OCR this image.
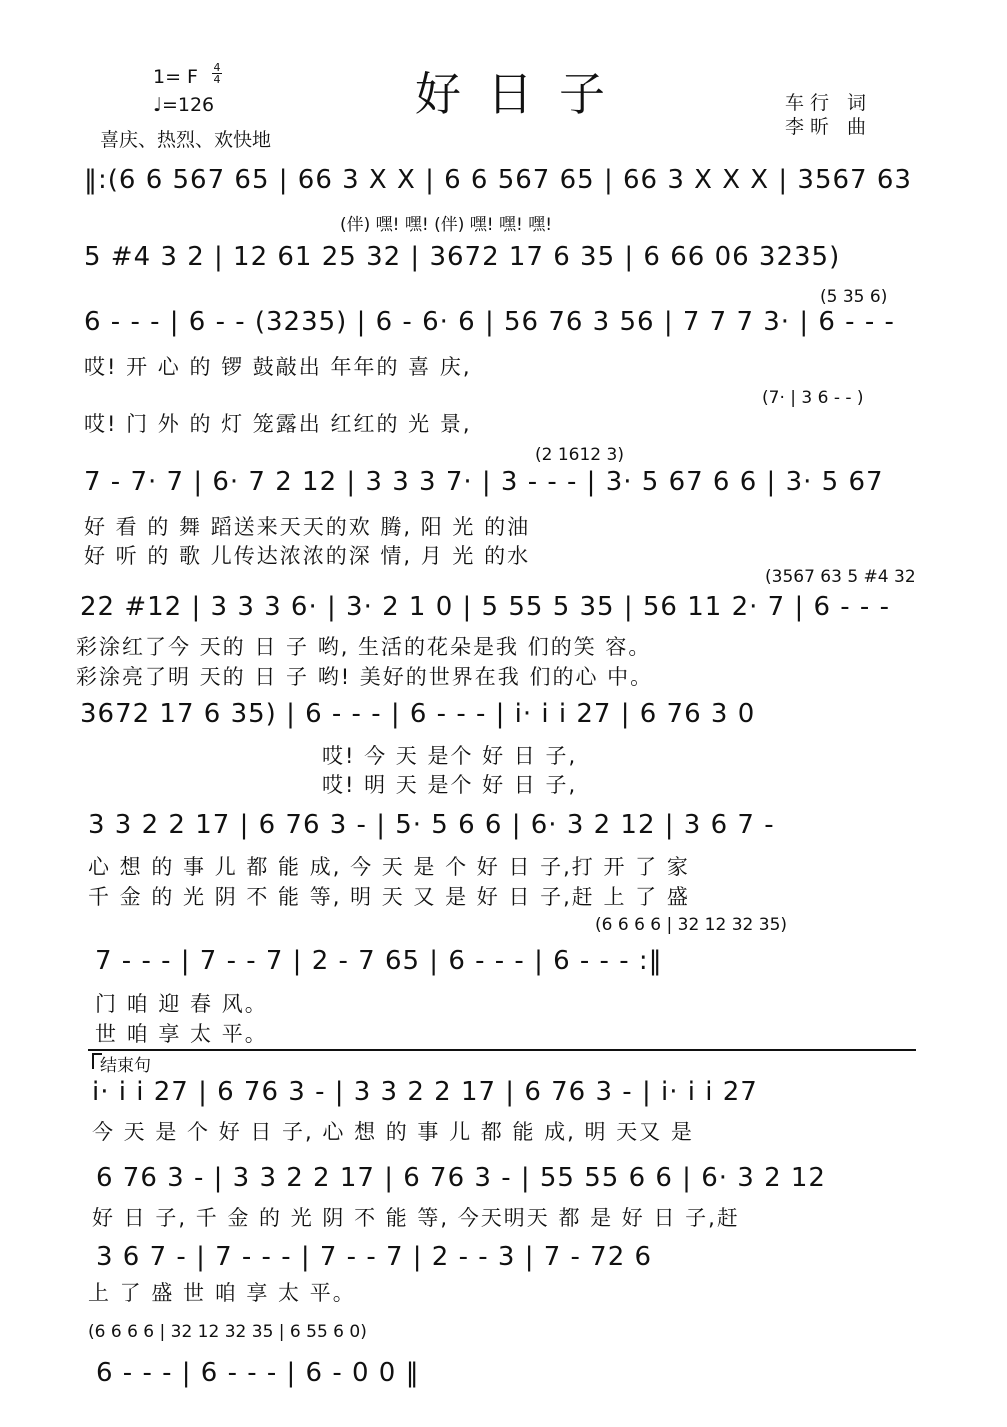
1= F 4
4
♩=126	好日子	车行 词
李昕 曲
喜庆、热烈、欢快地
‖:(6 6 567 65 | 66 3 X X | 6 6 567 65 | 66 3 X X X | 3567 63
(伴) 嘿! 嘿! (伴) 嘿! 嘿! 嘿!
5 #4 3 2 | 12 61 25 32 | 3672 17 6 35 | 6 66 06 3235)
(5 35 6)
6 - - - | 6 - - (3235) | 6 - 6· 6 | 56 76 3 56 | 7 7 7 3· | 6 - - -
哎! 开 心 的 锣 鼓敲出 年年的 喜 庆,
(7· | 3 6 - - )
哎! 门 外 的 灯 笼露出 红红的 光 景,
(2 1612 3)
7 - 7· 7 | 6· 7 2 12 | 3 3 3 7· | 3 - - - | 3· 5 67 6 6 | 3· 5 67
好 看 的 舞 蹈送来天天的欢 腾, 阳 光 的油
好 听 的 歌 儿传达浓浓的深 情, 月 光 的水
(3567 63 5 #4 32
22 #12 | 3 3 3 6· | 3· 2 1 0 | 5 55 5 35 | 56 11 2· 7 | 6 - - -
彩涂红了今 天的 日 子 哟, 生活的花朵是我 们的笑 容。
彩涂亮了明 天的 日 子 哟! 美好的世界在我 们的心 中。
3672 17 6 35) | 6 - - - | 6 - - - | i· i i 27 | 6 76 3 0
哎! 今 天 是个 好 日 子,
哎! 明 天 是个 好 日 子,
3 3 2 2 17 | 6 76 3 - | 5· 5 6 6 | 6· 3 2 12 | 3 6 7 -
心 想 的 事 儿 都 能 成, 今 天 是 个 好 日 子,打 开 了 家
千 金 的 光 阴 不 能 等, 明 天 又 是 好 日 子,赶 上 了 盛
(6 6 6 6 | 32 12 32 35)
7 - - - | 7 - - 7 | 2 - 7 65 | 6 - - - | 6 - - - :‖
门 咱 迎 春 风。
世 咱 享 太 平。
结束句
i· i i 27 | 6 76 3 - | 3 3 2 2 17 | 6 76 3 - | i· i i 27
今 天 是 个 好 日 子, 心 想 的 事 儿 都 能 成, 明 天又 是
6 76 3 - | 3 3 2 2 17 | 6 76 3 - | 55 55 6 6 | 6· 3 2 12
好 日 子, 千 金 的 光 阴 不 能 等, 今天明天 都 是 好 日 子,赶
3 6 7 - | 7 - - - | 7 - - 7 | 2 - - 3 | 7 - 72 6
上 了 盛 世 咱 享 太 平。
(6 6 6 6 | 32 12 32 35 | 6 55 6 0)
6 - - - | 6 - - - | 6 - 0 0 ‖
